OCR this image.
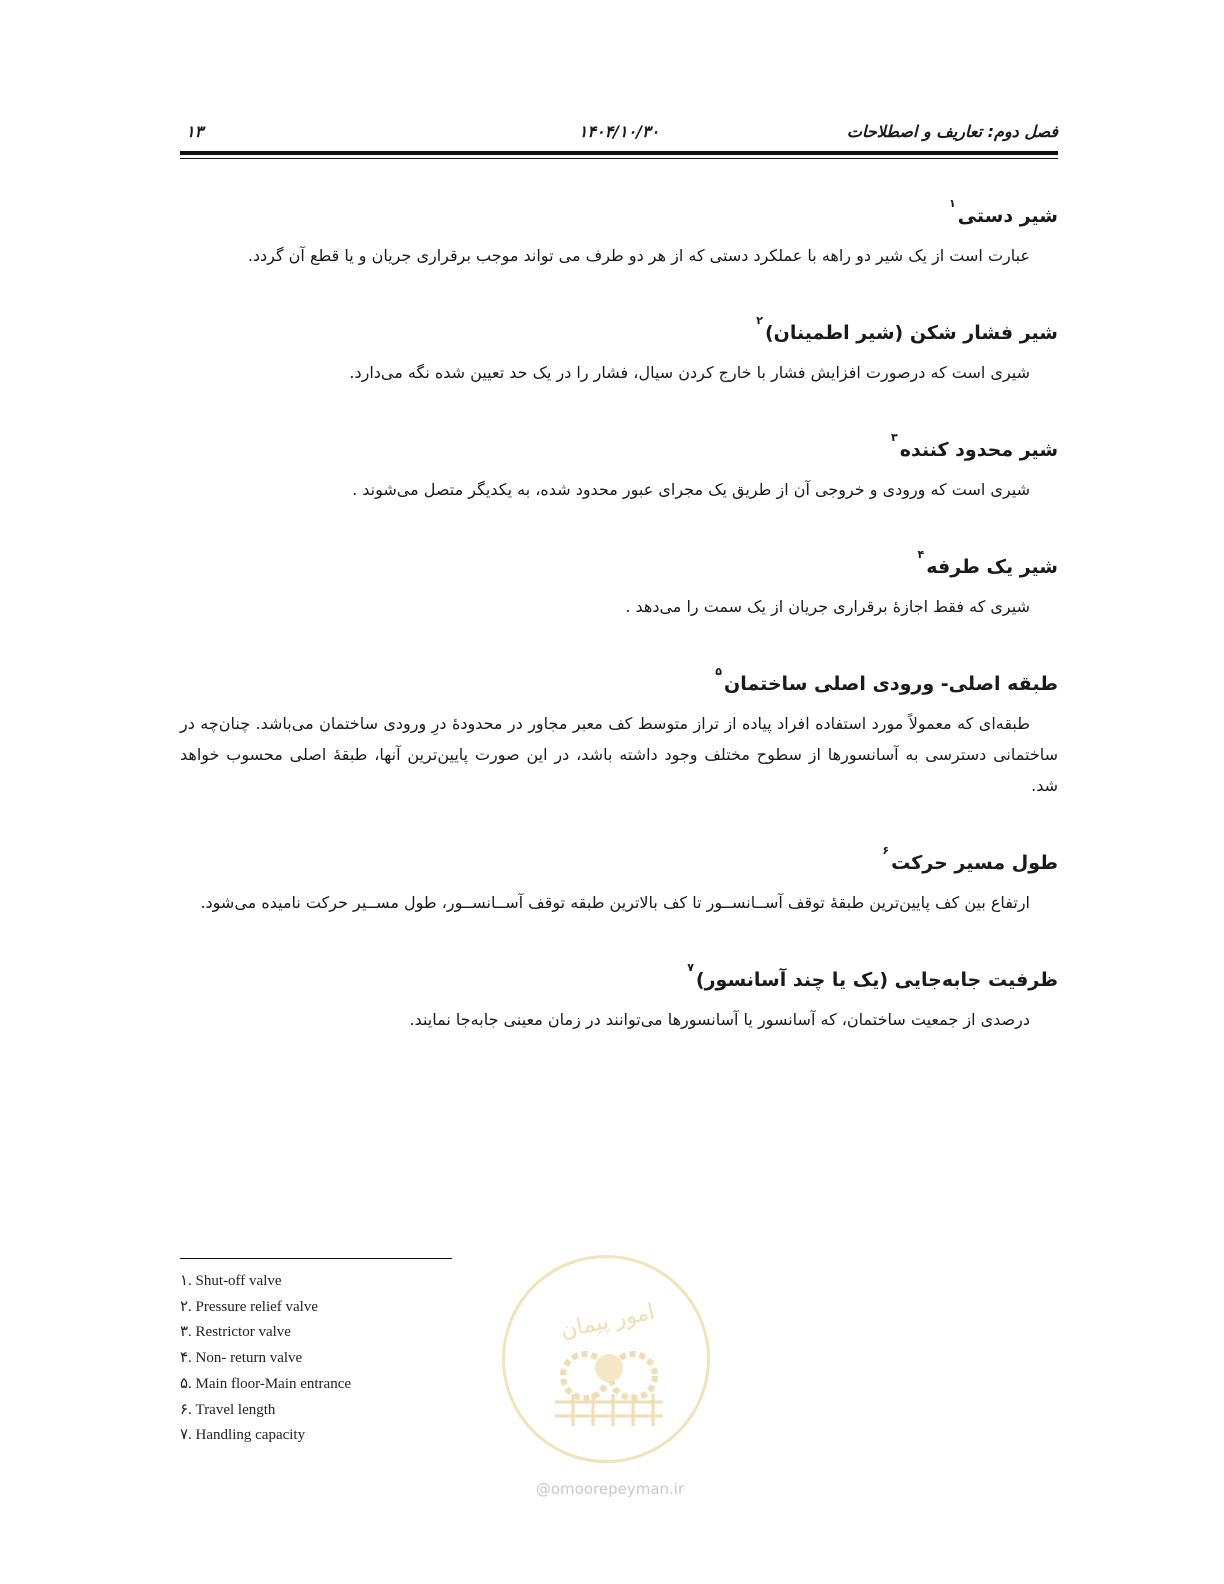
فصل دوم: تعاریف و اصطلاحات
۱۴۰۴/۱۰/۳۰
۱۳
شیر دستی$^۱$

عبارت است از یک شیر دو راهه با عملکرد دستی که از هر دو طرف می تواند موجب برقراری جریان و یا قطع آن گردد.

شیر فشار شکن (شیر اطمینان)$^۲$

شیری است که درصورت افزایش فشار با خارج کردن سیال، فشار را در یک حد تعیین شده نگه می‌دارد.

شیر محدود کننده$^۳$

شیری است که ورودی و خروجی آن از طریق یک مجرای عبور محدود شده، به یکدیگر متصل می‌شوند .

شیر یک طرفه$^۴$

شیری که فقط اجازهٔ برقراری جریان از یک سمت را می‌دهد .

طبقه اصلی- ورودی اصلی ساختمان$^۵$

طبقه‌ای که معمولاً مورد استفاده افراد پیاده از تراز متوسط کف معبر مجاور در محدودهٔ درِ ورودی ساختمان می‌باشد. چنان‌چه در ساختمانی دسترسی به آسانسورها از سطوح مختلف وجود داشته باشد، در این صورت پایین‌ترین آنها، طبقهٔ اصلی محسوب خواهد شد.

طول مسیر حرکت$^۶$

ارتفاع بین کف پایین‌ترین طبقهٔ توقف آســانســور تا کف بالاترین طبقه توقف آســانســور، طول مســیر حرکت نامیده می‌شود.

ظرفیت جابه‌جایی (یک یا چند آسانسور)$^۷$

درصدی از جمعیت ساختمان، که آسانسور یا آسانسورها می‌توانند در زمان معینی جابه‌جا نمایند.

۱. Shut-off valve
۲. Pressure relief valve
۳. Restrictor valve
۴. Non- return valve
۵. Main floor-Main entrance
۶. Travel length
۷. Handling capacity
امور پیمان
@omoorepeyman.ir
